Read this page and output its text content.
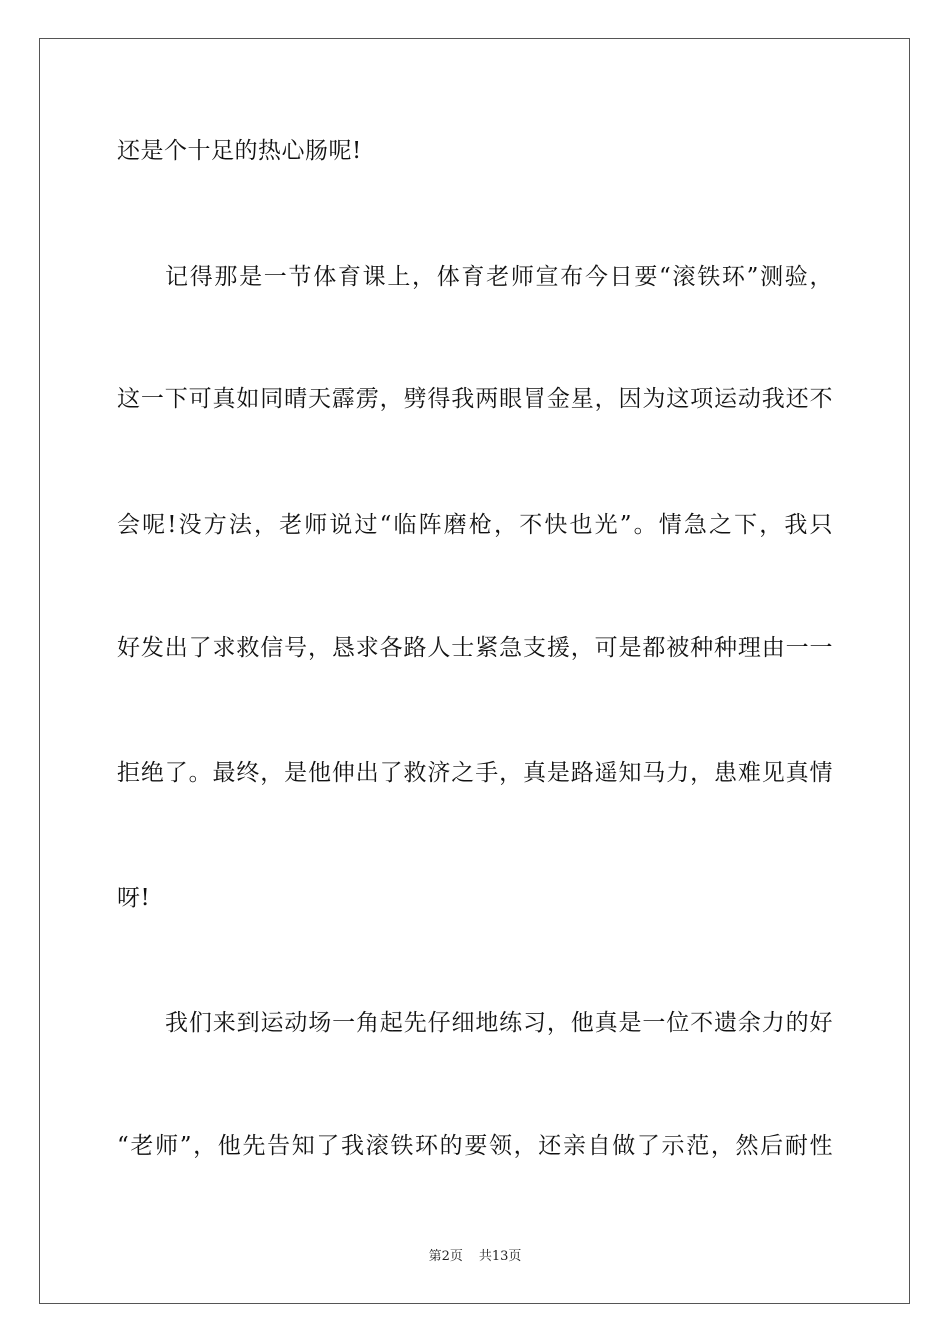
还是个十足的热心肠呢!
记得那是一节体育课上，体育老师宣布今日要“滚铁环”测验，
这一下可真如同晴天霹雳，劈得我两眼冒金星，因为这项运动我还不
会呢!没方法，老师说过“临阵磨枪，不快也光”。情急之下，我只
好发出了求救信号，恳求各路人士紧急支援，可是都被种种理由一一
拒绝了。最终，是他伸出了救济之手，真是路遥知马力，患难见真情
呀!
我们来到运动场一角起先仔细地练习，他真是一位不遗余力的好
“老师”，他先告知了我滚铁环的要领，还亲自做了示范，然后耐性
第2页 共13页
